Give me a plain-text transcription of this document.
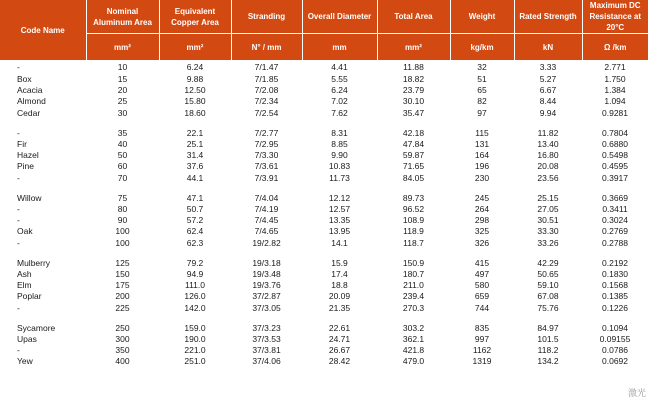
Code Name	Nominal Aluminum Area	Equivalent Copper Area	Stranding	Overall Diameter	Total Area	Weight	Rated Strength	Maximum DC Resistance at 20°C
	mm²	mm²	N° / mm	mm	mm²	kg/km	kN	Ω /km
-	10	6.24	7/1.47	4.41	11.88	32	3.33	2.771
Box	15	9.88	7/1.85	5.55	18.82	51	5.27	1.750
Acacia	20	12.50	7/2.08	6.24	23.79	65	6.67	1.384
Almond	25	15.80	7/2.34	7.02	30.10	82	8.44	1.094
Cedar	30	18.60	7/2.54	7.62	35.47	97	9.94	0.9281

-	35	22.1	7/2.77	8.31	42.18	115	11.82	0.7804
Fir	40	25.1	7/2.95	8.85	47.84	131	13.40	0.6880
Hazel	50	31.4	7/3.30	9.90	59.87	164	16.80	0.5498
Pine	60	37.6	7/3.61	10.83	71.65	196	20.08	0.4595
-	70	44.1	7/3.91	11.73	84.05	230	23.56	0.3917

Willow	75	47.1	7/4.04	12.12	89.73	245	25.15	0.3669
-	80	50.7	7/4.19	12.57	96.52	264	27.05	0.3411
-	90	57.2	7/4.45	13.35	108.9	298	30.51	0.3024
Oak	100	62.4	7/4.65	13.95	118.9	325	33.30	0.2769
-	100	62.3	19/2.82	14.1	118.7	326	33.26	0.2788

Mulberry	125	79.2	19/3.18	15.9	150.9	415	42.29	0.2192
Ash	150	94.9	19/3.48	17.4	180.7	497	50.65	0.1830
Elm	175	111.0	19/3.76	18.8	211.0	580	59.10	0.1568
Poplar	200	126.0	37/2.87	20.09	239.4	659	67.08	0.1385
-	225	142.0	37/3.05	21.35	270.3	744	75.76	0.1226

Sycamore	250	159.0	37/3.23	22.61	303.2	835	84.97	0.1094
Upas	300	190.0	37/3.53	24.71	362.1	997	101.5	0.09155
-	350	221.0	37/3.81	26.67	421.8	1162	118.2	0.0786
Yew	400	251.0	37/4.06	28.42	479.0	1319	134.2	0.0692
激光
